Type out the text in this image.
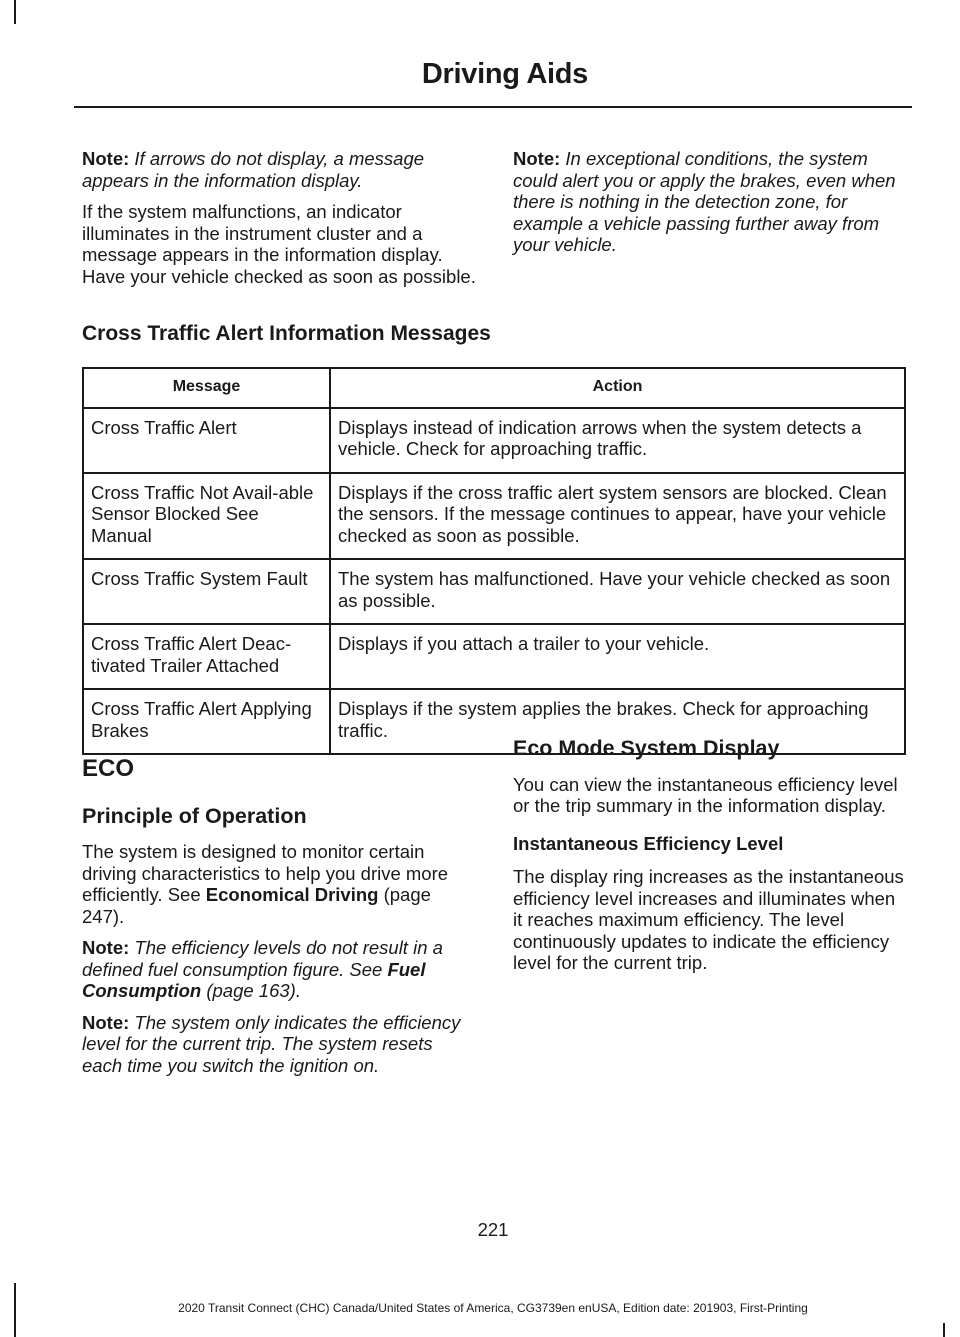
Driving Aids

Note: If arrows do not display, a message appears in the information display.

If the system malfunctions, an indicator illuminates in the instrument cluster and a message appears in the information display. Have your vehicle checked as soon as possible.

Note: In exceptional conditions, the system could alert you or apply the brakes, even when there is nothing in the detection zone, for example a vehicle passing further away from your vehicle.

Cross Traffic Alert Information Messages
Message	Action
Cross Traffic Alert	Displays instead of indication arrows when the system detects a vehicle. Check for approaching traffic.
Cross Traffic Not Avail-able Sensor Blocked See Manual	Displays if the cross traffic alert system sensors are blocked. Clean the sensors. If the message continues to appear, have your vehicle checked as soon as possible.
Cross Traffic System Fault	The system has malfunctioned. Have your vehicle checked as soon as possible.
Cross Traffic Alert Deac-tivated Trailer Attached	Displays if you attach a trailer to your vehicle.
Cross Traffic Alert Applying Brakes	Displays if the system applies the brakes. Check for approaching traffic.
ECO
Principle of Operation

The system is designed to monitor certain driving characteristics to help you drive more efficiently. See Economical Driving (page 247).

Note: The efficiency levels do not result in a defined fuel consumption figure. See Fuel Consumption (page 163).

Note: The system only indicates the efficiency level for the current trip. The system resets each time you switch the ignition on.

Eco Mode System Display

You can view the instantaneous efficiency level or the trip summary in the information display.

Instantaneous Efficiency Level

The display ring increases as the instantaneous efficiency level increases and illuminates when it reaches maximum efficiency. The level continuously updates to indicate the efficiency level for the current trip.

221
2020 Transit Connect (CHC) Canada/United States of America, CG3739en enUSA, Edition date: 201903, First-Printing
